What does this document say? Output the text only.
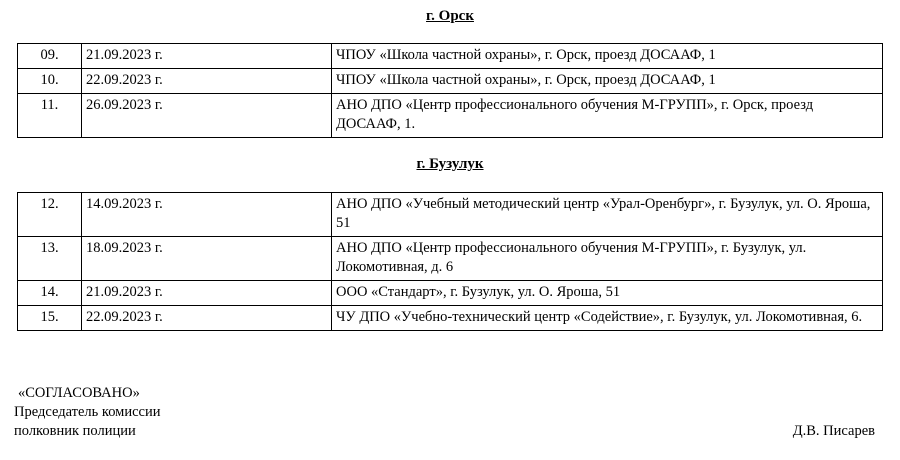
г. Орск
09.	21.09.2023 г.	ЧПОУ «Школа частной охраны», г. Орск, проезд ДОСААФ, 1
10.	22.09.2023 г.	ЧПОУ «Школа частной охраны», г. Орск, проезд ДОСААФ, 1
11.	26.09.2023 г.	АНО ДПО «Центр профессионального обучения М-ГРУПП», г. Орск, проезд ДОСААФ, 1.
г. Бузулук
12.	14.09.2023 г.	АНО ДПО «Учебный методический центр «Урал-Оренбург», г. Бузулук, ул. О. Яроша, 51
13.	18.09.2023 г.	АНО ДПО «Центр профессионального обучения М-ГРУПП», г. Бузулук, ул. Локомотивная, д. 6
14.	21.09.2023 г.	ООО «Стандарт», г. Бузулук, ул. О. Яроша, 51
15.	22.09.2023 г.	ЧУ ДПО «Учебно-технический центр «Содействие», г. Бузулук, ул. Локомотивная, 6.
«СОГЛАСОВАНО»
Председатель комиссии
полковник полиции	Д.В. Писарев
